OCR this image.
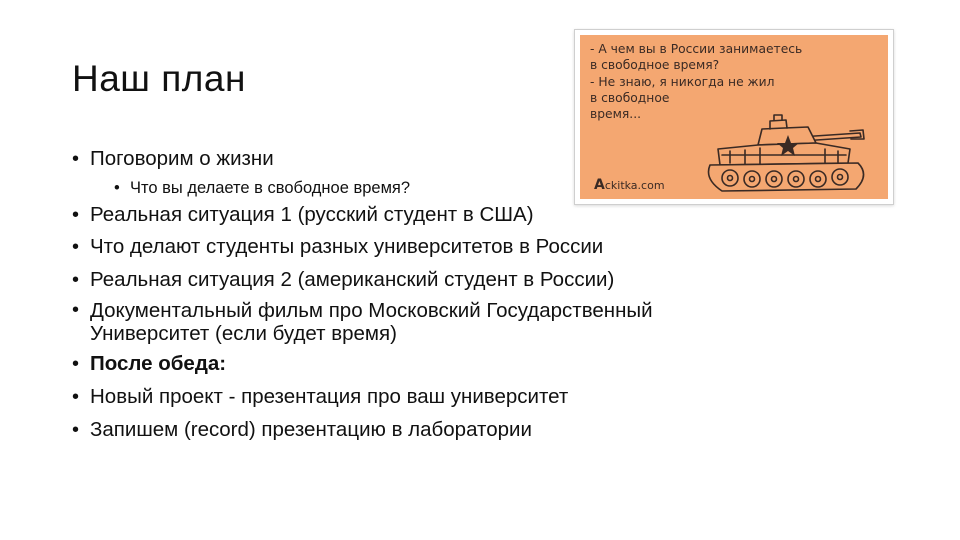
Наш план
• Поговорим о жизни
• Что вы делаете в свободное время?
• Реальная ситуация 1 (русский студент в США)
• Что делают студенты разных университетов в России
• Реальная ситуация 2 (американский студент в России)
• Документальный фильм про Московский Государственный Университет (если будет время)
• После обеда:
• Новый проект - презентация про ваш университет
• Запишем (record) презентацию в лаборатории
- А чем вы в России занимаетесь
в свободное время?
- Не знаю, я никогда не жил
в свободное
время...
Ackitka.com
